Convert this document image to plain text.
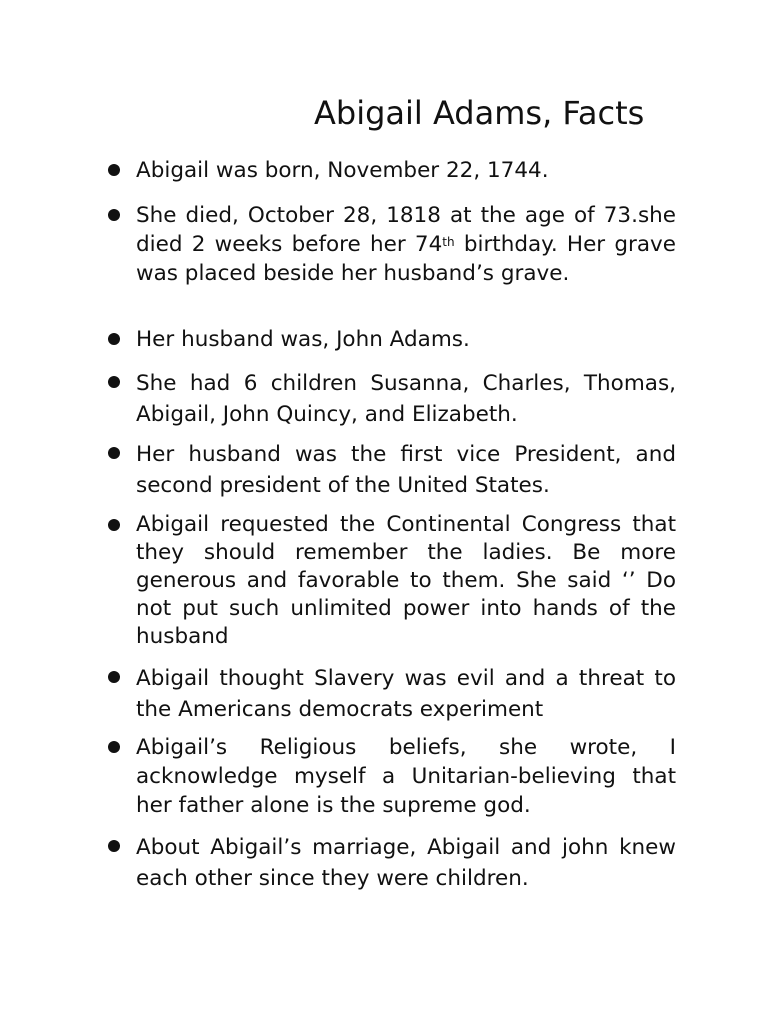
Abigail Adams, Facts
Abigail was born, November 22, 1744.
She died, October 28, 1818 at the age of 73.she died 2 weeks before her 74th birthday. Her grave was placed beside her husband’s grave.
Her husband was, John Adams.
She had 6 children Susanna, Charles, Thomas, Abigail, John Quincy, and Elizabeth.
Her husband was the first vice President, and second president of the United States.
Abigail requested the Continental Congress that they should remember the ladies. Be more generous and favorable to them. She said ‘’ Do not put such unlimited power into hands of the husband
Abigail thought Slavery was evil and a threat to the Americans democrats experiment
Abigail’s Religious beliefs, she wrote, I acknowledge myself a Unitarian-believing that her father alone is the supreme god.
About Abigail’s marriage, Abigail and john knew each other since they were children.
